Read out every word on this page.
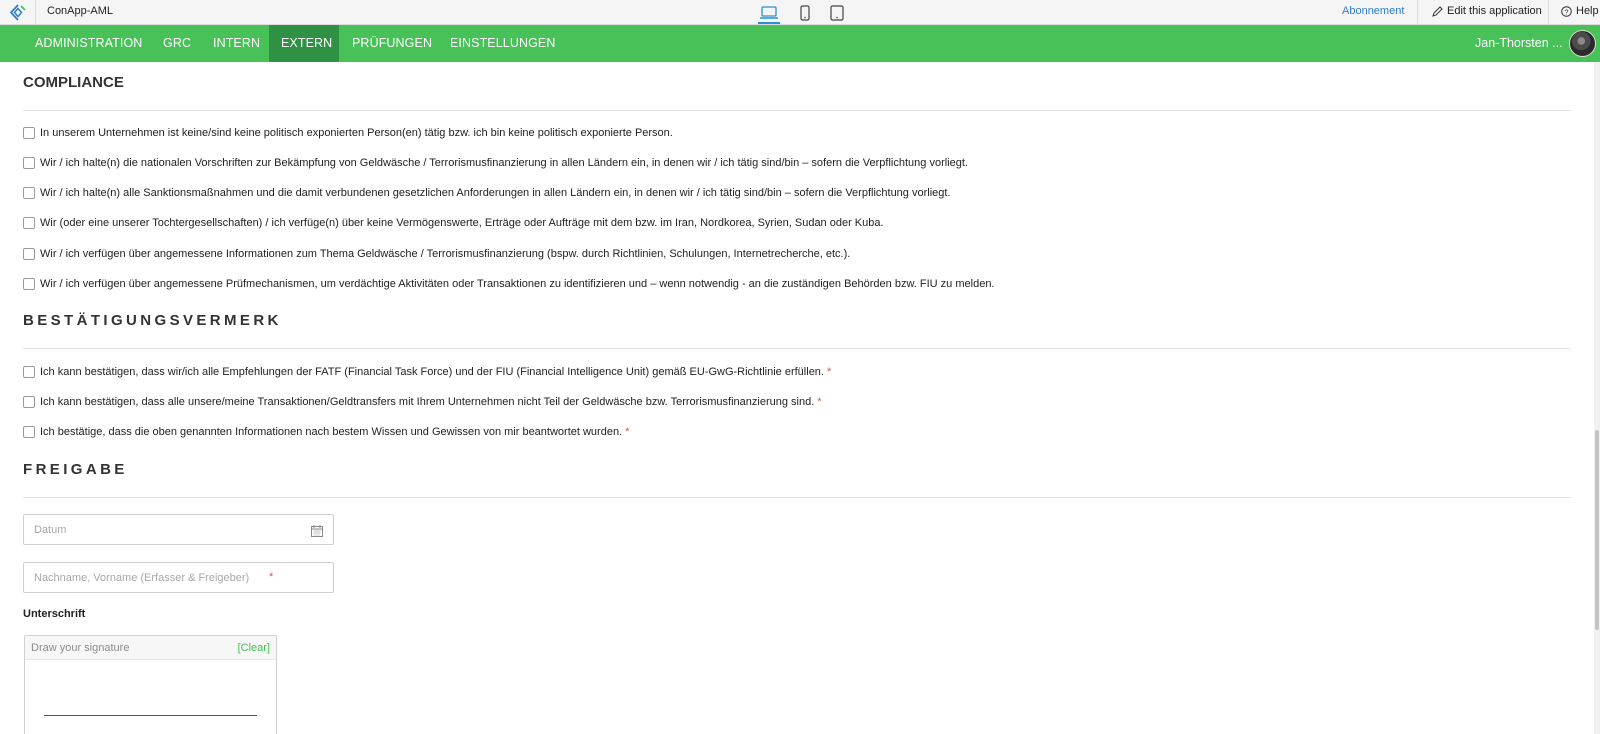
ConApp-AML	Abonnement	Edit this application	? Help
ADMINISTRATION	GRC	INTERN	EXTERN	PRÜFUNGEN	EINSTELLUNGEN	Jan-Thorsten ...
COMPLIANCE
In unserem Unternehmen ist keine/sind keine politisch exponierten Person(en) tätig bzw. ich bin keine politisch exponierte Person.
Wir / ich halte(n) die nationalen Vorschriften zur Bekämpfung von Geldwäsche / Terrorismusfinanzierung in allen Ländern ein, in denen wir / ich tätig sind/bin – sofern die Verpflichtung vorliegt.
Wir / ich halte(n) alle Sanktionsmaßnahmen und die damit verbundenen gesetzlichen Anforderungen in allen Ländern ein, in denen wir / ich tätig sind/bin – sofern die Verpflichtung vorliegt.
Wir (oder eine unserer Tochtergesellschaften) / ich verfüge(n) über keine Vermögenswerte, Erträge oder Aufträge mit dem bzw. im Iran, Nordkorea, Syrien, Sudan oder Kuba.
Wir / ich verfügen über angemessene Informationen zum Thema Geldwäsche / Terrorismusfinanzierung (bspw. durch Richtlinien, Schulungen, Internetrecherche, etc.).
Wir / ich verfügen über angemessene Prüfmechanismen, um verdächtige Aktivitäten oder Transaktionen zu identifizieren und – wenn notwendig - an die zuständigen Behörden bzw. FIU zu melden.
BESTÄTIGUNGSVERMERK
Ich kann bestätigen, dass wir/ich alle Empfehlungen der FATF (Financial Task Force) und der FIU (Financial Intelligence Unit) gemäß EU-GwG-Richtlinie erfüllen. *
Ich kann bestätigen, dass alle unsere/meine Transaktionen/Geldtransfers mit Ihrem Unternehmen nicht Teil der Geldwäsche bzw. Terrorismusfinanzierung sind. *
Ich bestätige, dass die oben genannten Informationen nach bestem Wissen und Gewissen von mir beantwortet wurden. *
FREIGABE
Datum
Nachname, Vorname (Erfasser & Freigeber)
*
Unterschrift
Draw your signature	[Clear]
